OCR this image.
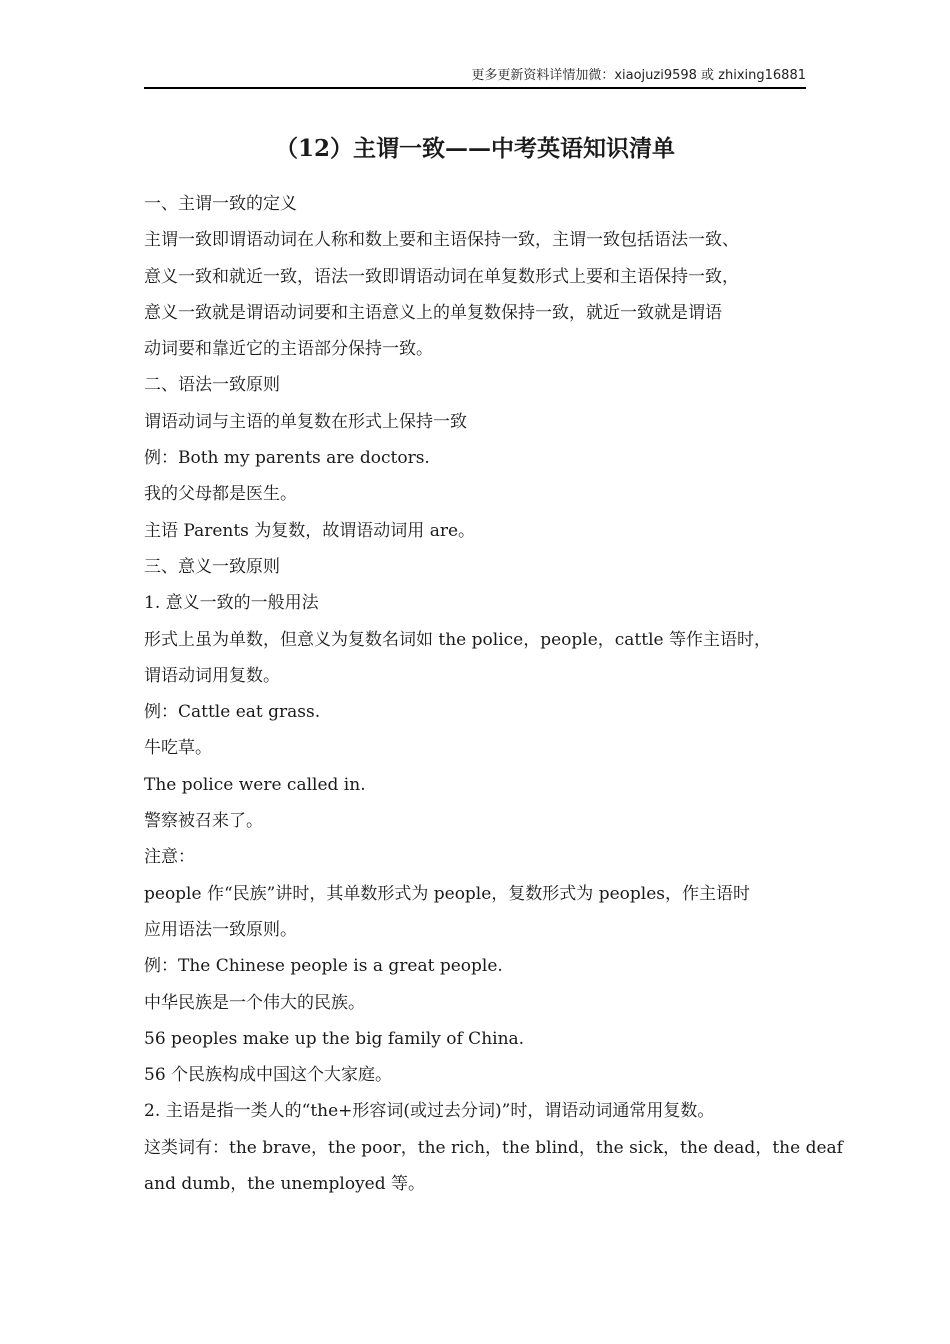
更多更新资料详情加微：xiaojuzi9598 或 zhixing16881
（12）主谓一致——中考英语知识清单
一、主谓一致的定义
主谓一致即谓语动词在人称和数上要和主语保持一致，主谓一致包括语法一致、
意义一致和就近一致，语法一致即谓语动词在单复数形式上要和主语保持一致，
意义一致就是谓语动词要和主语意义上的单复数保持一致，就近一致就是谓语
动词要和靠近它的主语部分保持一致。
二、语法一致原则
谓语动词与主语的单复数在形式上保持一致
例：Both my parents are doctors.
我的父母都是医生。
主语 Parents 为复数，故谓语动词用 are。
三、意义一致原则
1. 意义一致的一般用法
形式上虽为单数，但意义为复数名词如 the police，people，cattle 等作主语时，
谓语动词用复数。
例：Cattle eat grass.
牛吃草。
The police were called in.
警察被召来了。
注意：
people 作“民族”讲时，其单数形式为 people，复数形式为 peoples，作主语时
应用语法一致原则。
例：The Chinese people is a great people.
中华民族是一个伟大的民族。
56 peoples make up the big family of China.
56 个民族构成中国这个大家庭。
2. 主语是指一类人的“the+形容词(或过去分词)”时，谓语动词通常用复数。
这类词有：the brave，the poor，the rich，the blind，the sick，the dead，the deaf
and dumb，the unemployed 等。
